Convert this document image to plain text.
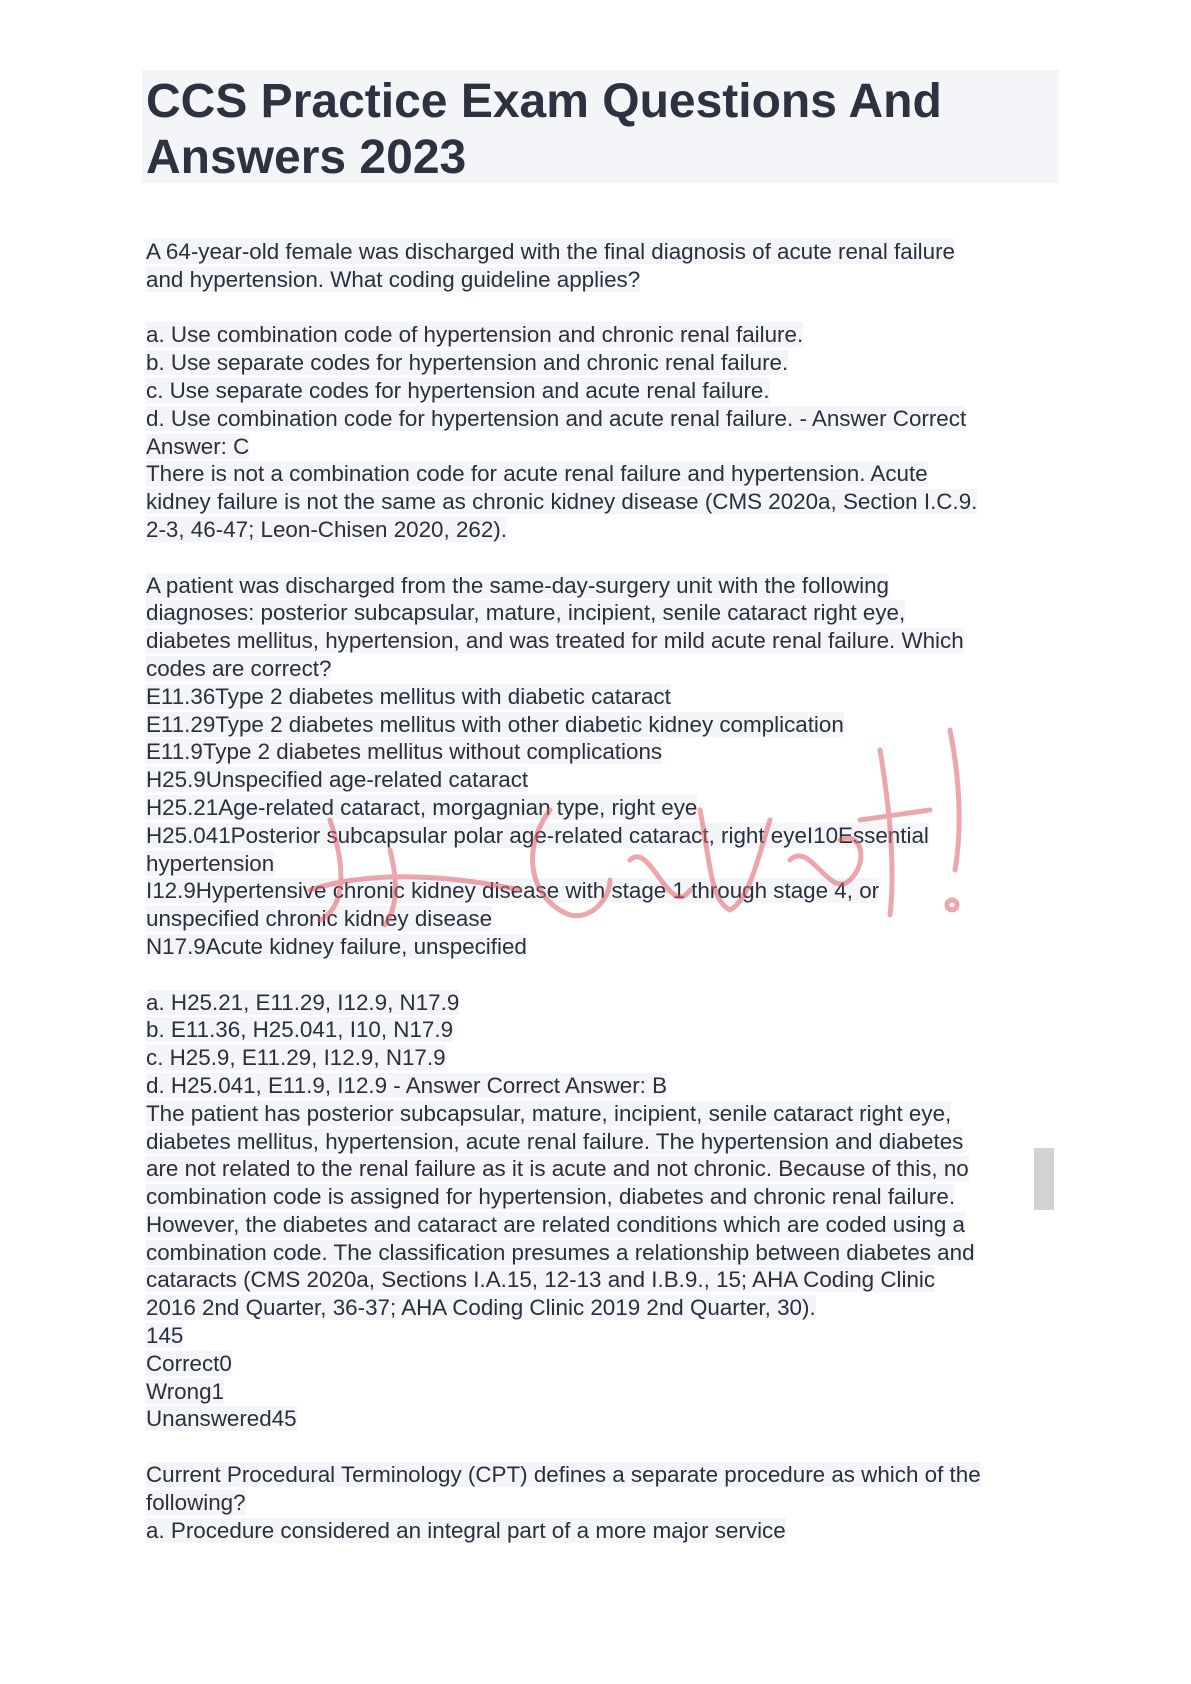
CCS Practice Exam Questions And
Answers 2023
A 64-year-old female was discharged with the final diagnosis of acute renal failure
and hypertension. What coding guideline applies?
a. Use combination code of hypertension and chronic renal failure.
b. Use separate codes for hypertension and chronic renal failure.
c. Use separate codes for hypertension and acute renal failure.
d. Use combination code for hypertension and acute renal failure. - Answer Correct
Answer: C
There is not a combination code for acute renal failure and hypertension. Acute
kidney failure is not the same as chronic kidney disease (CMS 2020a, Section I.C.9.
2-3, 46-47; Leon-Chisen 2020, 262).
A patient was discharged from the same-day-surgery unit with the following
diagnoses: posterior subcapsular, mature, incipient, senile cataract right eye,
diabetes mellitus, hypertension, and was treated for mild acute renal failure. Which
codes are correct?
E11.36Type 2 diabetes mellitus with diabetic cataract
E11.29Type 2 diabetes mellitus with other diabetic kidney complication
E11.9Type 2 diabetes mellitus without complications
H25.9Unspecified age-related cataract
H25.21Age-related cataract, morgagnian type, right eye
H25.041Posterior subcapsular polar age-related cataract, right eyeI10Essential
hypertension
I12.9Hypertensive chronic kidney disease with stage 1 through stage 4, or
unspecified chronic kidney disease
N17.9Acute kidney failure, unspecified
a. H25.21, E11.29, I12.9, N17.9
b. E11.36, H25.041, I10, N17.9
c. H25.9, E11.29, I12.9, N17.9
d. H25.041, E11.9, I12.9 - Answer Correct Answer: B
The patient has posterior subcapsular, mature, incipient, senile cataract right eye,
diabetes mellitus, hypertension, acute renal failure. The hypertension and diabetes
are not related to the renal failure as it is acute and not chronic. Because of this, no
combination code is assigned for hypertension, diabetes and chronic renal failure.
However, the diabetes and cataract are related conditions which are coded using a
combination code. The classification presumes a relationship between diabetes and
cataracts (CMS 2020a, Sections I.A.15, 12-13 and I.B.9., 15; AHA Coding Clinic
2016 2nd Quarter, 36-37; AHA Coding Clinic 2019 2nd Quarter, 30).
145
Correct0
Wrong1
Unanswered45
Current Procedural Terminology (CPT) defines a separate procedure as which of the
following?
a. Procedure considered an integral part of a more major service
